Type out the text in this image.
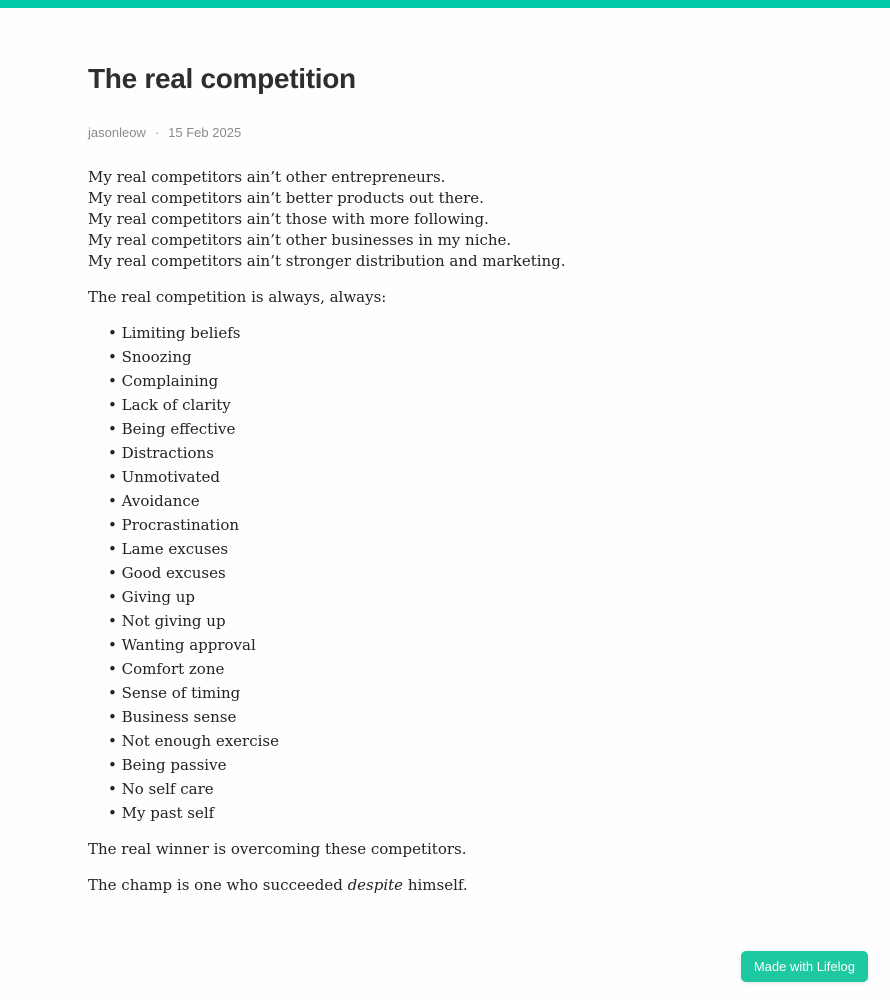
The real competition
jasonleow · 15 Feb 2025
My real competitors ain’t other entrepreneurs.
My real competitors ain’t better products out there.
My real competitors ain’t those with more following.
My real competitors ain’t other businesses in my niche.
My real competitors ain’t stronger distribution and marketing.

The real competition is always, always:

• Limiting beliefs
• Snoozing
• Complaining
• Lack of clarity
• Being effective
• Distractions
• Unmotivated
• Avoidance
• Procrastination
• Lame excuses
• Good excuses
• Giving up
• Not giving up
• Wanting approval
• Comfort zone
• Sense of timing
• Business sense
• Not enough exercise
• Being passive
• No self care
• My past self

The real winner is overcoming these competitors.

The champ is one who succeeded despite himself.

Made with Lifelog
